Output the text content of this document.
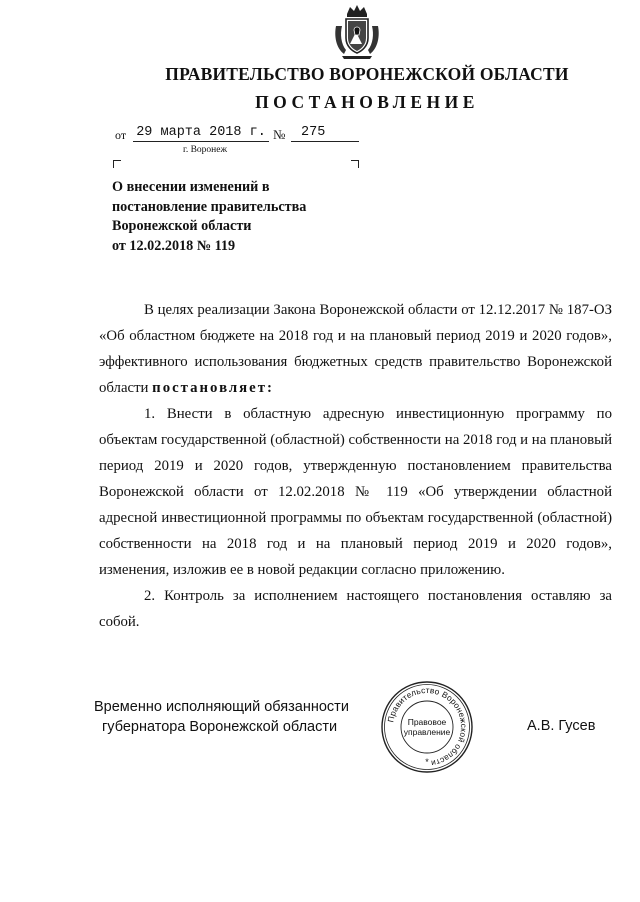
ПРАВИТЕЛЬСТВО ВОРОНЕЖСКОЙ ОБЛАСТИ
ПОСТАНОВЛЕНИЕ
от 29 марта 2018 г. №	275
г. Воронеж
О внесении изменений в
постановление правительства
Воронежской области
от 12.02.2018 № 119

В целях реализации Закона Воронежской области от 12.12.2017 № 187-ОЗ «Об областном бюджете на 2018 год и на плановый период 2019 и 2020 годов», эффективного использования бюджетных средств правительство Воронежской области постановляет:

1. Внести в областную адресную инвестиционную программу по объектам государственной (областной) собственности на 2018 год и на плановый период 2019 и 2020 годов, утвержденную постановлением правительства Воронежской области от 12.02.2018 № 119 «Об утверждении областной адресной инвестиционной программы по объектам государственной (областной) собственности на 2018 год и на плановый период 2019 и 2020 годов», изменения, изложив ее в новой редакции согласно приложению.

2. Контроль за исполнением настоящего постановления оставляю за собой.

Временно исполняющий обязанности
губернатора Воронежской области	Правительство Воронежской области
Правовое
управление
*
А.В. Гусев
